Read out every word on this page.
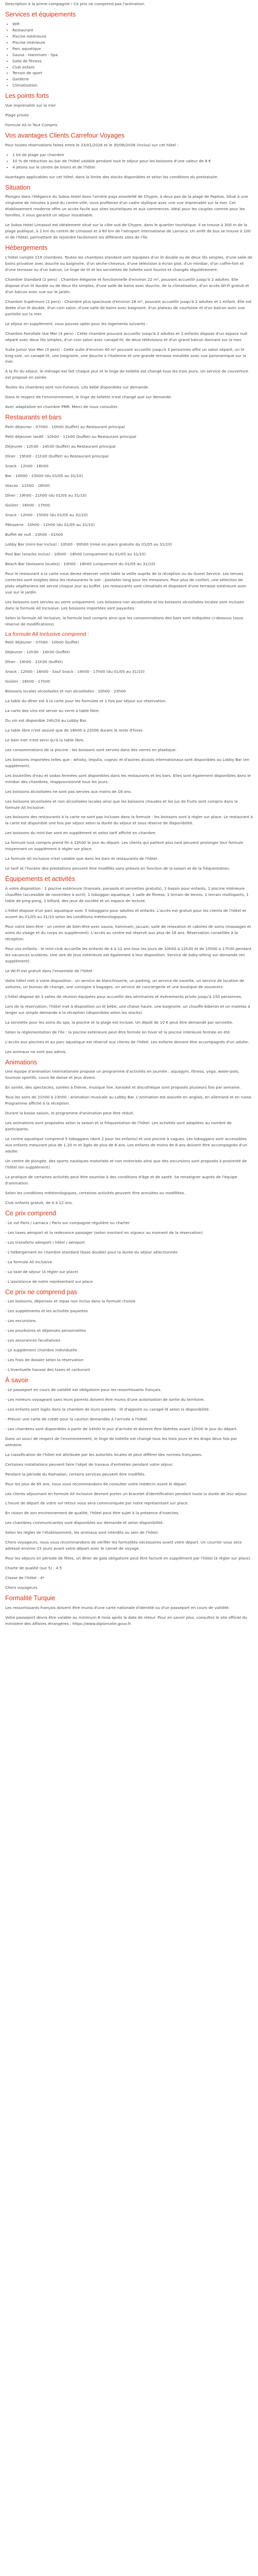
Description à la prime compagnie ! Ce prix ne comprend pas l'animation.

Services et équipements
• Wifi
• Restaurant
• Piscine extérieure
• Piscine intérieure
• Parc aquatique
• Sauna - Hammam - Spa
• Salle de fitness
• Club enfant
• Terrain de sport
• Garderie
• Climatisation
Les points forts

Vue imprenable sur la mer

Plage privée

Formule All In Tout Compris

Vos avantages Clients Carrefour Voyages

Pour toutes réservations faites entre le 23/01/2026 et le 30/06/2026 (inclus) sur cet hôtel :

• 1 kit de plage par chambre
• 10 % de réduction au bar de l'hôtel valable pendant tout le séjour pour les boissons d'une valeur de 8 €
• 4 jetons sur le centre de loisirs et de l'hôtel

Avantages applicables sur cet hôtel, dans la limite des stocks disponibles et selon les conditions du prestataire.

Situation

Plongez dans l'élégance du Sokos Hotel dans l'arrière pays ensoleillé de Chypre, à deux pas de la plage de Paphos. Situé à une vingtaine de minutes à pied du centre-ville, vous profiterez d'un cadre idyllique avec une vue imprenable sur la mer. Cet établissement moderne offre un accès facile aux sites touristiques et aux commerces. Idéal pour les couples comme pour les familles, il vous garantit un séjour inoubliable.

Le Sokos Hotel Limassol est idéalement situé sur la côte sud de Chypre, dans le quartier touristique. Il se trouve à 300 m de la plage publique, à 2 km du centre de Limassol et à 60 km de l'aéroport international de Larnaca. Un arrêt de bus se trouve à 100 m de l'hôtel, permettant de rejoindre facilement les différents sites de l'île.

Hébergements

L'hôtel compte 219 chambres. Toutes les chambres standard sont équipées d'un lit double ou de deux lits simples, d'une salle de bains privative avec douche ou baignoire, d'un sèche-cheveux, d'une télévision à écran plat, d'un minibar, d'un coffre-fort et d'une terrasse ou d'un balcon. Le linge de lit et les serviettes de toilette sont fournis et changés régulièrement.

Chambre Standard (2 pers) : Chambre élégante et fonctionnelle d'environ 22 m², pouvant accueillir jusqu'à 2 adultes. Elle dispose d'un lit double ou de deux lits simples, d'une salle de bains avec douche, de la climatisation, d'un accès Wi-Fi gratuit et d'un balcon avec vue sur le jardin.

Chambre Supérieure (2 pers) : Chambre plus spacieuse d'environ 28 m², pouvant accueillir jusqu'à 2 adultes et 1 enfant. Elle est dotée d'un lit double, d'un coin salon, d'une salle de bains avec baignoire, d'un plateau de courtoisie et d'un balcon avec vue partielle sur la mer.

Le séjour en supplément, vous pouvez opter pour les logements suivants :

Chambre Familiale Vue Mer (4 pers) : Cette chambre pouvant accueillir jusqu'à 2 adultes et 2 enfants dispose d'un espace nuit séparé avec deux lits simples, d'un coin salon avec canapé-lit, de deux télévisions et d'un grand balcon donnant sur la mer.

Suite Junior Vue Mer (3 pers) : Cette suite d'environ 40 m² pouvant accueillir jusqu'à 3 personnes offre un salon séparé, un lit king-size, un canapé-lit, une baignoire, une douche à l'italienne et une grande terrasse meublée avec vue panoramique sur la mer.

À la fin du séjour, le ménage est fait chaque jour et le linge de toilette est changé tous les trois jours. Un service de couverture est proposé en soirée.

Toutes les chambres sont non-fumeurs. Lits bébé disponibles sur demande.

Dans le respect de l'environnement, le linge de toilette n'est changé que sur demande.

Avec adaptation en chambre PMR. Merci de nous consulter.

Restaurants et bars

Petit déjeuner : 07h00 - 10h00 (buffet) au Restaurant principal

Petit déjeuner tardif : 10h00 - 11h00 (buffet) au Restaurant principal

Déjeuner : 12h30 - 14h30 (buffet) au Restaurant principal

Dîner : 19h00 - 21h30 (buffet) au Restaurant principal

Snack : 12h00 - 16h00

Bar : 10h00 - 23h00 (du 01/05 au 31/10)

Glaces : 11h00 - 18h00

Dîner : 19h00 - 21h00 (du 01/05 au 31/10)

Goûter : 16h00 - 17h00

Snack : 12h00 - 15h00 (du 01/05 au 31/10)

Pâtisserie : 10h00 - 12h00 (du 01/05 au 31/10)

Buffet de nuit : 23h00 - 01h00

Lobby Bar (mini-bar inclus) : 10h00 - 00h00 (mise en place gratuite du 01/05 au 31/10)

Pool Bar (snacks inclus) : 10h00 - 18h00 (uniquement du 01/05 au 31/10)

Beach Bar (boissons locales) : 10h00 - 18h00 (uniquement du 01/05 au 31/10)

Pour le restaurant à la carte vous devez réserver votre table la veille auprès de la réception ou du Guest Service. Les tenues correctes sont exigées dans les restaurants le soir : pantalon long pour les messieurs. Pour plus de confort, une sélection de plats végétariens est servie chaque jour au buffet. Les restaurants sont climatisés et disposent d'une terrasse extérieure avec vue sur le jardin.

Les boissons sont servies au verre uniquement. Les boissons non alcoolisées et les boissons alcoolisées locales sont incluses dans la formule All Inclusive. Les boissons importées sont payantes.

Selon la formule All Inclusive, la formule tout compris ainsi que les consommations des bars sont indiquées ci-dessous (sous réserve de modifications).

La formule All Inclusive comprend :

Petit déjeuner : 07h00 - 10h00 (buffet)

Déjeuner : 12h30 - 14h30 (buffet)

Dîner : 19h00 - 21h30 (buffet)

Snack : 12h00 - 16h00 - Sauf Snack : 14h00 - 17h00 (du 01/05 au 31/10)

Goûter : 16h00 - 17h00

Boissons locales alcoolisées et non alcoolisées : 10h00 - 23h00

La table du dîner est à la carte pour les formules et 1 fois par séjour sur réservation.

La carte des vins est servie au verre à table libre.

Du vin est disponible 24h/24 au Lobby Bar.

La table libre n'est assuré que de 18h00 à 22h00 durant le reste d'hiver.

Le bain mer n'est servi qu'à la table libre.

Les consommations de la piscine : les boissons sont servies dans des verres en plastique.

Les boissons importées telles que : whisky, tequila, cognac et d'autres alcools internationaux sont disponibles au Lobby Bar (en supplément).

Les bouteilles d'eau et sodas fermées sont disponibles dans les restaurants et les bars. Elles sont également disponibles dans le minibar des chambres, réapprovisionné tous les jours.

Les boissons alcoolisées ne sont pas servies aux moins de 18 ans.

Les boissons alcoolisées et non alcoolisées locales ainsi que les boissons chaudes et les jus de fruits sont compris dans la formule All Inclusive.

Les boissons des restaurants à la carte ne sont pas incluses dans la formule : les boissons sont à régler sur place. Le restaurant à la carte est disponible une fois par séjour selon la durée du séjour et sous réserve de disponibilité.

Les boissons du mini-bar sont en supplément et selon tarif affiché en chambre.

La formule tout compris prend fin à 12h00 le jour du départ. Les clients qui partent plus tard peuvent prolonger leur formule moyennant un supplément à régler sur place.

La formule All Inclusive n'est valable que dans les bars et restaurants de l'hôtel.

Le tarif et l'horaire des prestations peuvent être modifiés sans préavis en fonction de la saison et de la fréquentation.

Équipements et activités

À votre disposition : 1 piscine extérieure (transats, parasols et serviettes gratuits), 1 bassin pour enfants, 1 piscine intérieure chauffée (accessible de novembre à avril), 1 toboggan aquatique, 1 salle de fitness, 1 terrain de tennis, 1 terrain multisports, 1 table de ping-pong, 1 billard, des jeux de société et un espace de lecture.

L'hôtel dispose d'un parc aquatique avec 5 toboggans pour adultes et enfants. L'accès est gratuit pour les clients de l'hôtel et ouvert du 01/05 au 31/10 selon les conditions météorologiques.

Pour votre bien-être : un centre de bien-être avec sauna, hammam, jacuzzi, salle de relaxation et cabines de soins (massages et soins du visage et du corps en supplément). L'accès au centre est réservé aux plus de 16 ans. Réservation conseillée à la réception.

Pour vos enfants : le mini-club accueille les enfants de 4 à 12 ans tous les jours de 10h00 à 12h30 et de 15h00 à 17h30 pendant les vacances scolaires. Une aire de jeux extérieure est également à leur disposition. Service de baby-sitting sur demande (en supplément).

Le Wi-Fi est gratuit dans l'ensemble de l'hôtel.

Votre hôtel met à votre disposition : un service de blanchisserie, un parking, un service de navette, un service de location de voitures, un bureau de change, une consigne à bagages, un service de conciergerie et une boutique de souvenirs.

L'hôtel dispose de 3 salles de réunion équipées pour accueillir des séminaires et événements privés jusqu'à 150 personnes.

Lors de la réservation, l'hôtel met à disposition un lit bébé, une chaise haute, une baignoire, un chauffe-biberon et un matelas à langer sur simple demande à la réception (disponibles selon les stocks).

La serviette pour les soins du spa, la piscine et la plage est incluse. Un dépôt de 10 € peut être demandé par serviette.

Selon la réglementation de l'île : la piscine extérieure peut être fermée en hiver et la piscine intérieure fermée en été.

L'accès aux piscines et au parc aquatique est réservé aux clients de l'hôtel. Les enfants doivent être accompagnés d'un adulte.

Les animaux ne sont pas admis.

Animations

Une équipe d'animation internationale propose un programme d'activités en journée : aquagym, fitness, yoga, water-polo, tournois sportifs, cours de danse et jeux divers.

En soirée, des spectacles, soirées à thème, musique live, karaoké et discothèque sont proposés plusieurs fois par semaine.

Tous les soirs de 21h00 à 23h00 : animation musicale au Lobby Bar. L'animation est assurée en anglais, en allemand et en russe. Programme affiché à la réception.

Durant la basse saison, le programme d'animation peut être réduit.

Les animations sont proposées selon la saison et la fréquentation de l'hôtel. Les activités sont adaptées au nombre de participants.

Le centre aquatique comprend 5 toboggans (dont 2 pour les enfants) et une piscine à vagues. Les toboggans sont accessibles aux enfants mesurant plus de 1,20 m et âgés de plus de 8 ans. Les enfants de moins de 8 ans doivent être accompagnés d'un adulte.

Un centre de plongée, des sports nautiques motorisés et non motorisés ainsi que des excursions sont proposés à proximité de l'hôtel (en supplément).

La pratique de certaines activités peut être soumise à des conditions d'âge et de santé. Se renseigner auprès de l'équipe d'animation.

Selon les conditions météorologiques, certaines activités peuvent être annulées ou modifiées.

Club enfants gratuit, de 4 à 12 ans.

Ce prix comprend

- Le vol Paris / Larnaca / Paris sur compagnie régulière ou charter

- Les taxes aéroport et la redevance passager (selon montant en vigueur au moment de la réservation)

- Les transferts aéroport / hôtel / aéroport

- L'hébergement en chambre standard (base double) pour la durée du séjour sélectionnée

- La formule All Inclusive

- La taxe de séjour (à régler sur place)

- L'assistance de notre représentant sur place

Ce prix ne comprend pas

- Les boissons, dépenses et repas non inclus dans la formule choisie

- Les suppléments et les activités payantes

- Les excursions

- Les pourboires et dépenses personnelles

- Les assurances facultatives

- Le supplément chambre individuelle

- Les frais de dossier selon la réservation

- L'éventuelle hausse des taxes et carburant

À savoir

- Le passeport en cours de validité est obligatoire pour les ressortissants français.

- Les mineurs voyageant sans leurs parents doivent être munis d'une autorisation de sortie du territoire.

- Les enfants sont logés dans la chambre de leurs parents : lit d'appoint ou canapé-lit selon la disponibilité.

- Prévoir une carte de crédit pour la caution demandée à l'arrivée à l'hôtel.

- Les chambres sont disponibles à partir de 14h00 le jour d'arrivée et doivent être libérées avant 12h00 le jour du départ.

Dans un souci de respect de l'environnement, le linge de toilette est changé tous les trois jours et les draps deux fois par semaine.

La classification de l'hôtel est attribuée par les autorités locales et peut différer des normes françaises.

Certaines installations peuvent faire l'objet de travaux d'entretien pendant votre séjour.

Pendant la période du Ramadan, certains services peuvent être modifiés.

Pour les plus de 65 ans, nous vous recommandons de consulter votre médecin avant le départ.

Les clients séjournant en formule All Inclusive devront porter un bracelet d'identification pendant toute la durée de leur séjour.

L'heure de départ de votre vol retour vous sera communiquée par notre représentant sur place.

En raison de son environnement de qualité, l'hôtel peut être sujet à la présence d'insectes.

Les chambres communicantes sont disponibles sur demande et selon disponibilité.

Selon les règles de l'établissement, les animaux sont interdits au sein de l'hôtel.

Chers voyageurs, nous vous recommandons de vérifier les formalités nécessaires avant votre départ. Un courrier vous sera adressé environ 15 jours avant votre départ avec le carnet de voyage.

Pour les séjours en période de fêtes, un dîner de gala obligatoire peut être facturé en supplément par l'hôtel (à régler sur place).

Charte de qualité (sur 5) : 4.5

Classe de l'hôtel : 4*

Chers voyageurs

Formalité Turquie

Les ressortissants français doivent être munis d'une carte nationale d'identité ou d'un passeport en cours de validité.

Votre passeport devra être valable au minimum 6 mois après la date de retour. Pour en savoir plus, consultez le site officiel du ministère des Affaires étrangères : https://www.diplomatie.gouv.fr.
